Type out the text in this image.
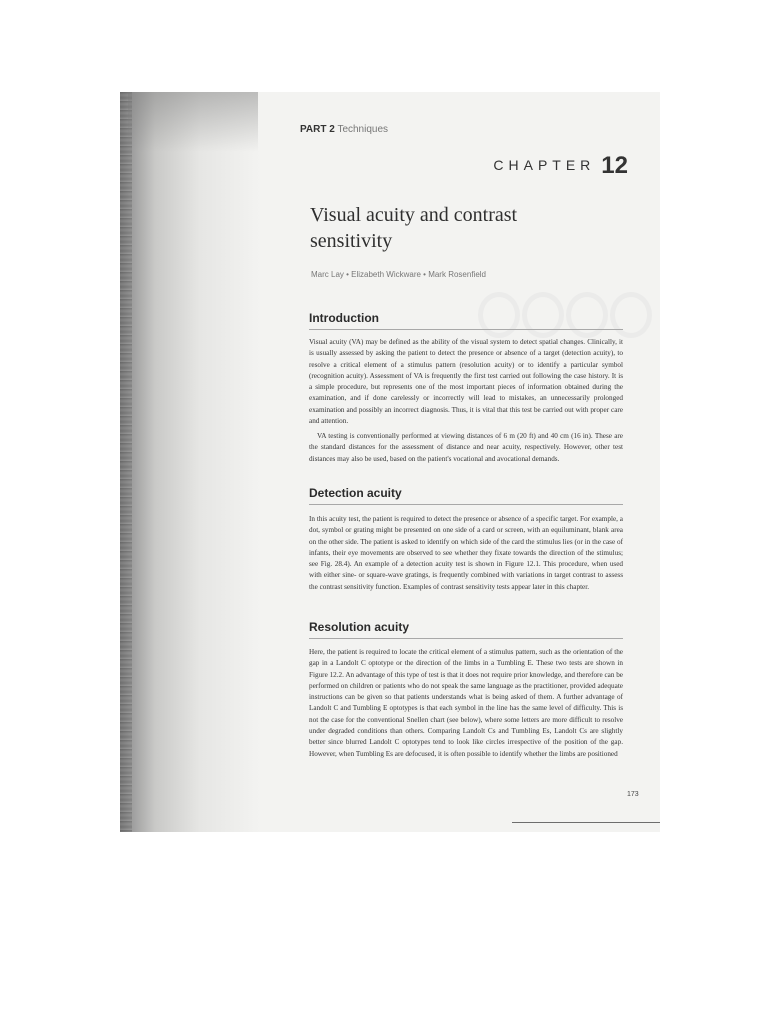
PART 2 Techniques
CHAPTER 12
Visual acuity and contrast
sensitivity
Marc Lay • Elizabeth Wickware • Mark Rosenfield
Introduction

Visual acuity (VA) may be defined as the ability of the visual system to detect spatial changes. Clinically, it is usually assessed by asking the patient to detect the presence or absence of a target (detection acuity), to resolve a critical element of a stimulus pattern (resolution acuity) or to identify a particular symbol (recognition acuity). Assessment of VA is frequently the first test carried out following the case history. It is a simple procedure, but represents one of the most important pieces of information obtained during the examination, and if done carelessly or incorrectly will lead to mistakes, an unnecessarily prolonged examination and possibly an incorrect diagnosis. Thus, it is vital that this test be carried out with proper care and attention.

VA testing is conventionally performed at viewing distances of 6 m (20 ft) and 40 cm (16 in). These are the standard distances for the assessment of distance and near acuity, respectively. However, other test distances may also be used, based on the patient's vocational and avocational demands.

Detection acuity

In this acuity test, the patient is required to detect the presence or absence of a specific target. For example, a dot, symbol or grating might be presented on one side of a card or screen, with an equiluminant, blank area on the other side. The patient is asked to identify on which side of the card the stimulus lies (or in the case of infants, their eye movements are observed to see whether they fixate towards the direction of the stimulus; see Fig. 28.4). An example of a detection acuity test is shown in Figure 12.1. This procedure, when used with either sine- or square-wave gratings, is frequently combined with variations in target contrast to assess the contrast sensitivity function. Examples of contrast sensitivity tests appear later in this chapter.

Resolution acuity

Here, the patient is required to locate the critical element of a stimulus pattern, such as the orientation of the gap in a Landolt C optotype or the direction of the limbs in a Tumbling E. These two tests are shown in Figure 12.2. An advantage of this type of test is that it does not require prior knowledge, and therefore can be performed on children or patients who do not speak the same language as the practitioner, provided adequate instructions can be given so that patients understands what is being asked of them. A further advantage of Landolt C and Tumbling E optotypes is that each symbol in the line has the same level of difficulty. This is not the case for the conventional Snellen chart (see below), where some letters are more difficult to resolve under degraded conditions than others. Comparing Landolt Cs and Tumbling Es, Landolt Cs are slightly better since blurred Landolt C optotypes tend to look like circles irrespective of the position of the gap. However, when Tumbling Es are defocused, it is often possible to identify whether the limbs are positioned

173
